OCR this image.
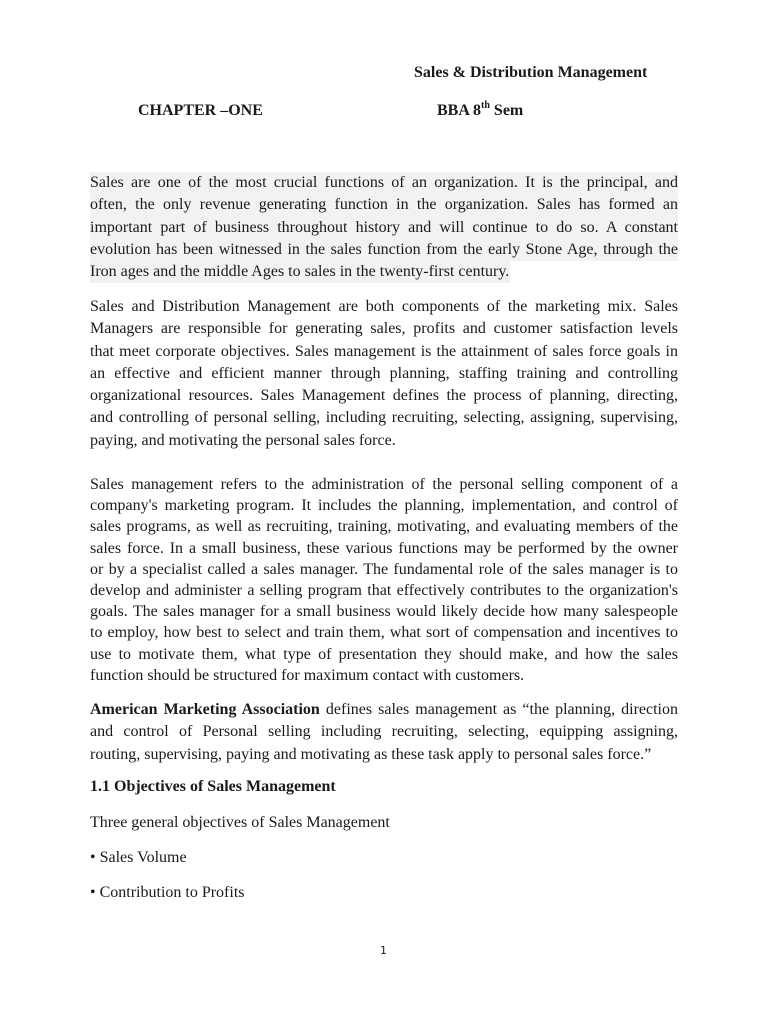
Sales & Distribution Management
CHAPTER –ONE	BBA 8th Sem
Sales are one of the most crucial functions of an organization. It is the principal, and
often, the only revenue generating function in the organization. Sales has formed an
important part of business throughout history and will continue to do so. A constant
evolution has been witnessed in the sales function from the early Stone Age, through the
Iron ages and the middle Ages to sales in the twenty-first century.
Sales and Distribution Management are both components of the marketing mix. Sales
Managers are responsible for generating sales, profits and customer satisfaction levels
that meet corporate objectives. Sales management is the attainment of sales force goals in
an effective and efficient manner through planning, staffing training and controlling
organizational resources. Sales Management defines the process of planning, directing,
and controlling of personal selling, including recruiting, selecting, assigning, supervising,
paying, and motivating the personal sales force.
Sales management refers to the administration of the personal selling component of a
company's marketing program. It includes the planning, implementation, and control of
sales programs, as well as recruiting, training, motivating, and evaluating members of the
sales force. In a small business, these various functions may be performed by the owner
or by a specialist called a sales manager. The fundamental role of the sales manager is to
develop and administer a selling program that effectively contributes to the organization's
goals. The sales manager for a small business would likely decide how many salespeople
to employ, how best to select and train them, what sort of compensation and incentives to
use to motivate them, what type of presentation they should make, and how the sales
function should be structured for maximum contact with customers.
American Marketing Association defines sales management as “the planning, direction
and control of Personal selling including recruiting, selecting, equipping assigning,
routing, supervising, paying and motivating as these task apply to personal sales force.”
1.1 Objectives of Sales Management
Three general objectives of Sales Management
• Sales Volume
• Contribution to Profits
1
